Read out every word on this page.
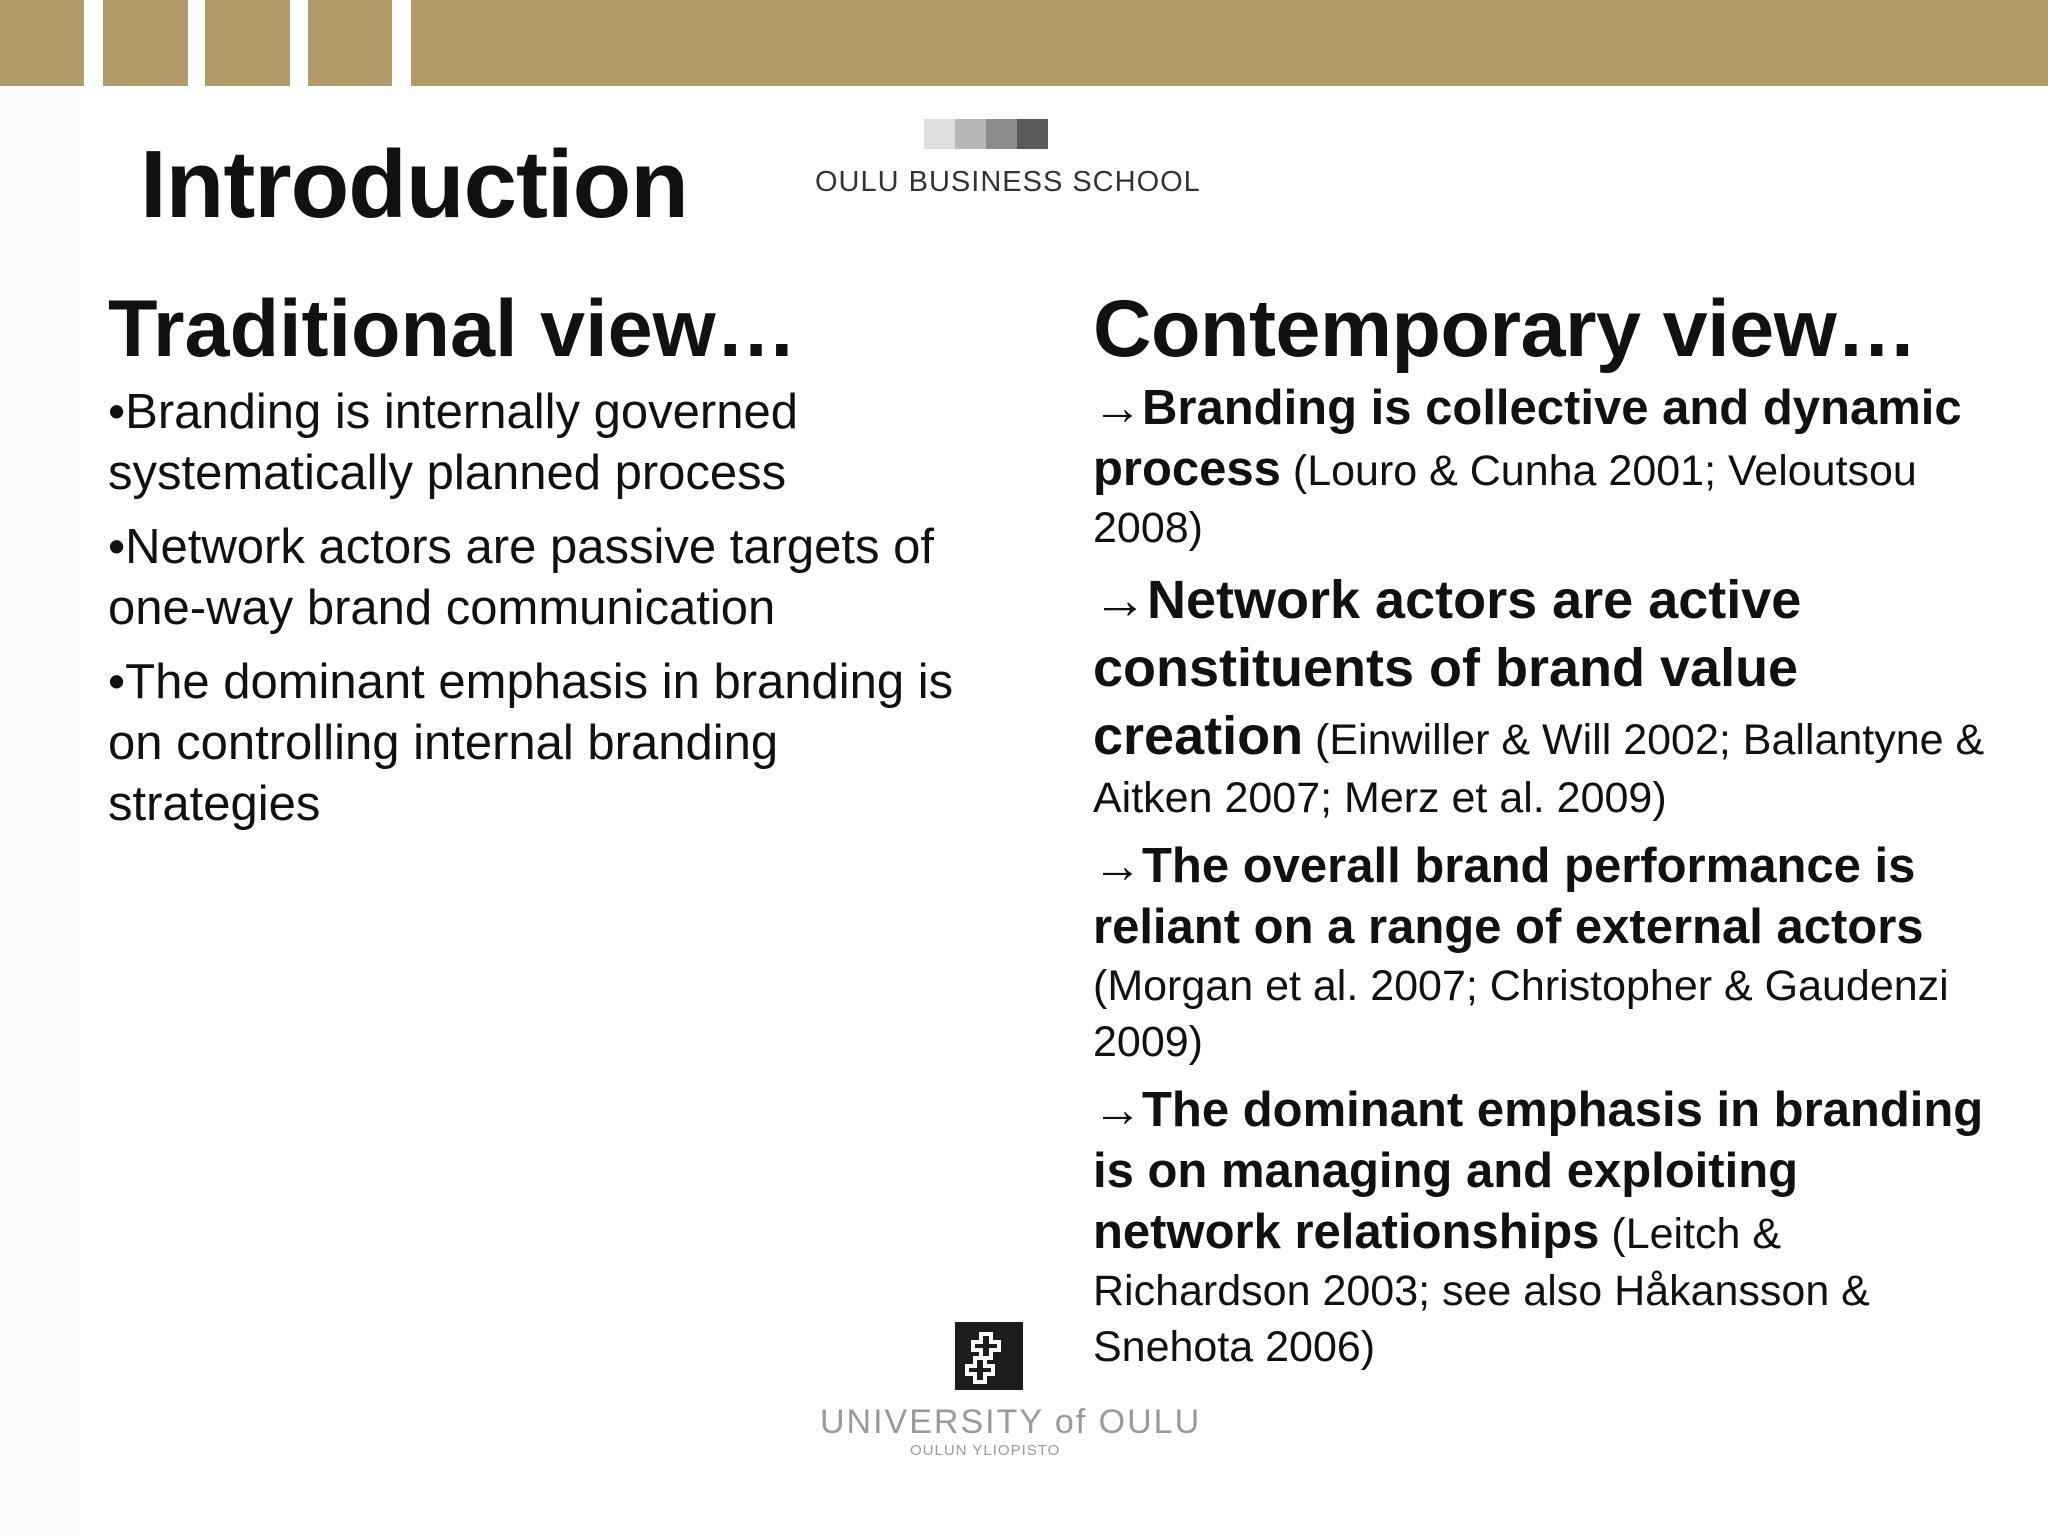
Introduction	OULU BUSINESS SCHOOL
Traditional view…
•Branding is internally governed systematically planned process
•Network actors are passive targets of one-way brand communication
•The dominant emphasis in branding is on controlling internal branding strategies
Contemporary view…
→Branding is collective and dynamic process (Louro & Cunha 2001; Veloutsou 2008)
→Network actors are active constituents of brand value creation (Einwiller & Will 2002; Ballantyne & Aitken 2007; Merz et al. 2009)
→The overall brand performance is reliant on a range of external actors (Morgan et al. 2007; Christopher & Gaudenzi 2009)
→The dominant emphasis in branding is on managing and exploiting network relationships (Leitch & Richardson 2003; see also Håkansson & Snehota 2006)
UNIVERSITY of OULU
OULUN YLIOPISTO
